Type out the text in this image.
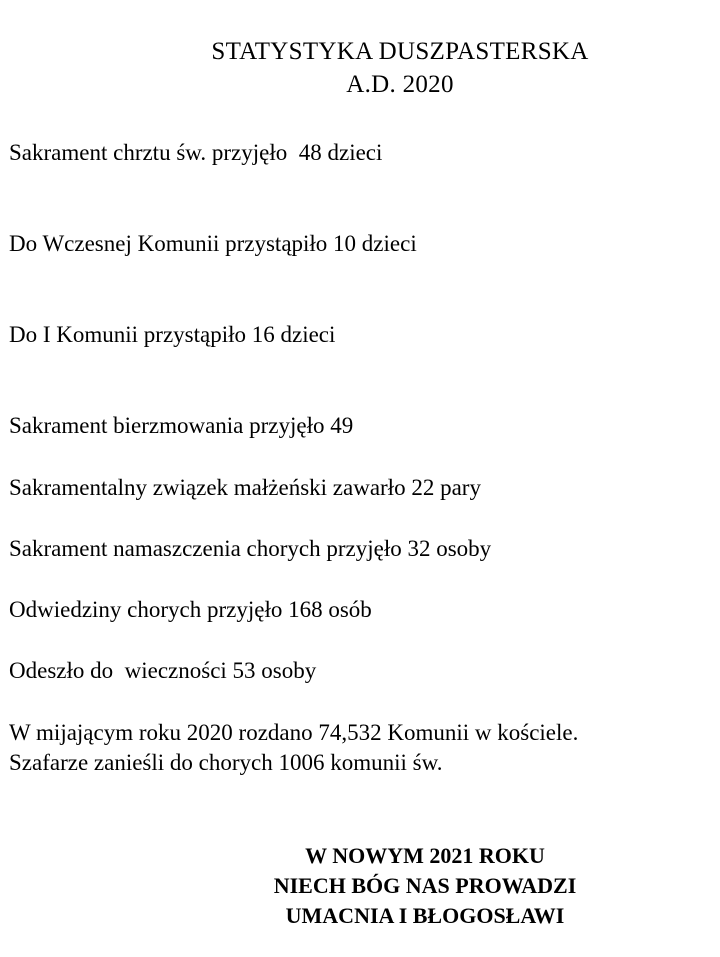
STATYSTYKA DUSZPASTERSKA
A.D. 2020
Sakrament chrztu św. przyjęło  48 dzieci
Do Wczesnej Komunii przystąpiło 10 dzieci
Do I Komunii przystąpiło 16 dzieci
Sakrament bierzmowania przyjęło 49
Sakramentalny związek małżeński zawarło 22 pary
Sakrament namaszczenia chorych przyjęło 32 osoby
Odwiedziny chorych przyjęło 168 osób
Odeszło do  wieczności 53 osoby
W mijającym roku 2020 rozdano 74,532 Komunii w kościele.
Szafarze zanieśli do chorych 1006 komunii św.
W NOWYM 2021 ROKU
NIECH BÓG NAS PROWADZI
UMACNIA I BŁOGOSŁAWI
